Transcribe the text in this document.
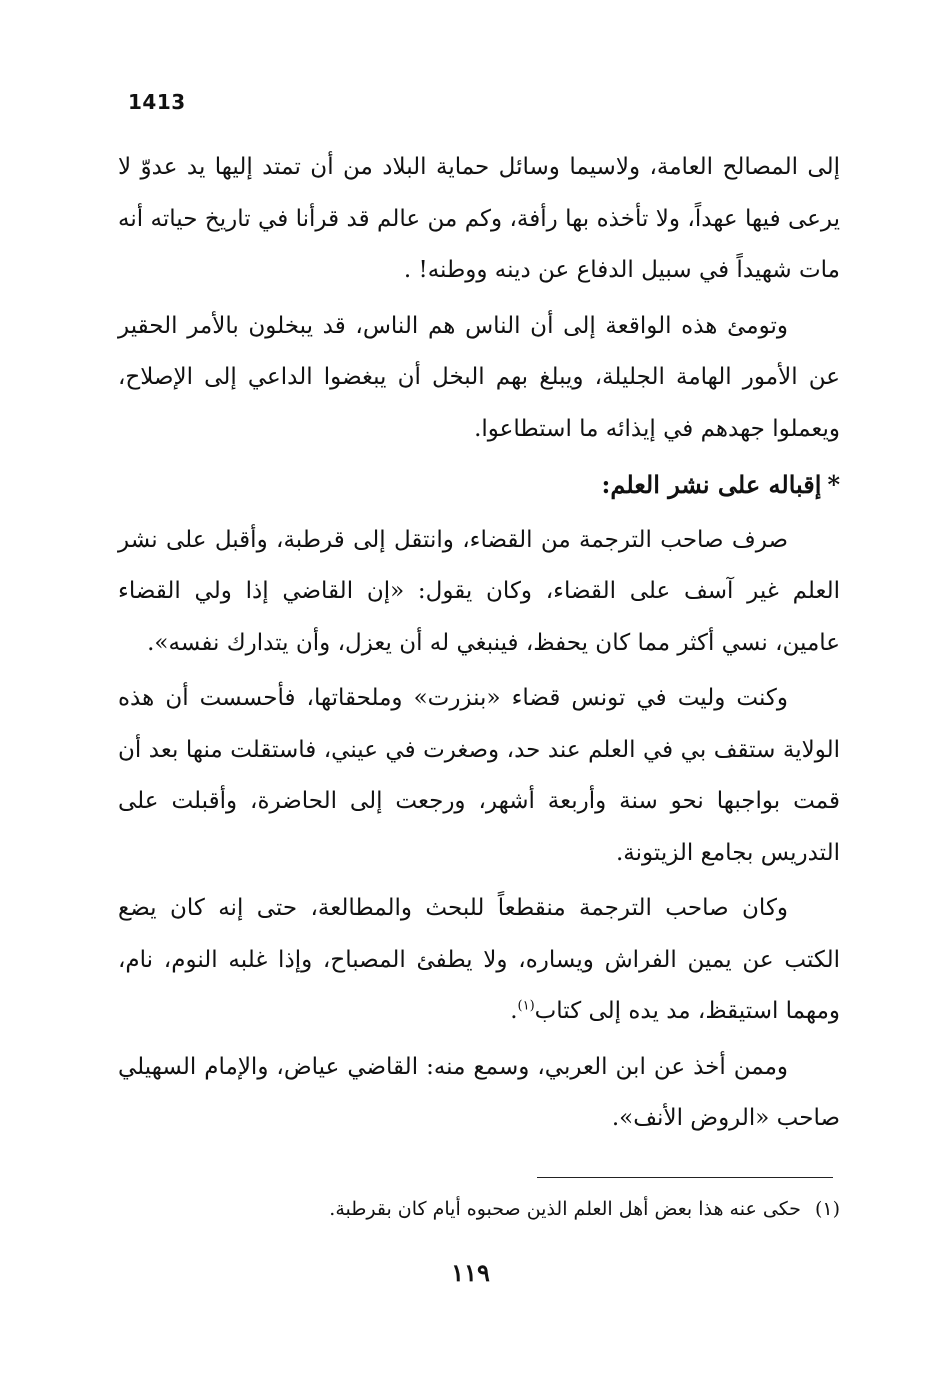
1413

إلى المصالح العامة، ولاسيما وسائل حماية البلاد من أن تمتد إليها يد عدوّ لا يرعى فيها عهداً، ولا تأخذه بها رأفة، وكم من عالم قد قرأنا في تاريخ حياته أنه مات شهيداً في سبيل الدفاع عن دينه ووطنه! .

وتومئ هذه الواقعة إلى أن الناس هم الناس، قد يبخلون بالأمر الحقير عن الأمور الهامة الجليلة، ويبلغ بهم البخل أن يبغضوا الداعي إلى الإصلاح، ويعملوا جهدهم في إيذائه ما استطاعوا.

*إقباله على نشر العلم:

صرف صاحب الترجمة من القضاء، وانتقل إلى قرطبة، وأقبل على نشر العلم غير آسف على القضاء، وكان يقول: «إن القاضي إذا ولي القضاء عامين، نسي أكثر مما كان يحفظ، فينبغي له أن يعزل، وأن يتدارك نفسه».

وكنت وليت في تونس قضاء «بنزرت» وملحقاتها، فأحسست أن هذه الولاية ستقف بي في العلم عند حد، وصغرت في عيني، فاستقلت منها بعد أن قمت بواجبها نحو سنة وأربعة أشهر، ورجعت إلى الحاضرة، وأقبلت على التدريس بجامع الزيتونة.

وكان صاحب الترجمة منقطعاً للبحث والمطالعة، حتى إنه كان يضع الكتب عن يمين الفراش ويساره، ولا يطفئ المصباح، وإذا غلبه النوم، نام، ومهما استيقظ، مد يده إلى كتاب$^{(١)}$.

وممن أخذ عن ابن العربي، وسمع منه: القاضي عياض، والإمام السهيلي صاحب «الروض الأنف».

(١)حكى عنه هذا بعض أهل العلم الذين صحبوه أيام كان بقرطبة.
١١٩
